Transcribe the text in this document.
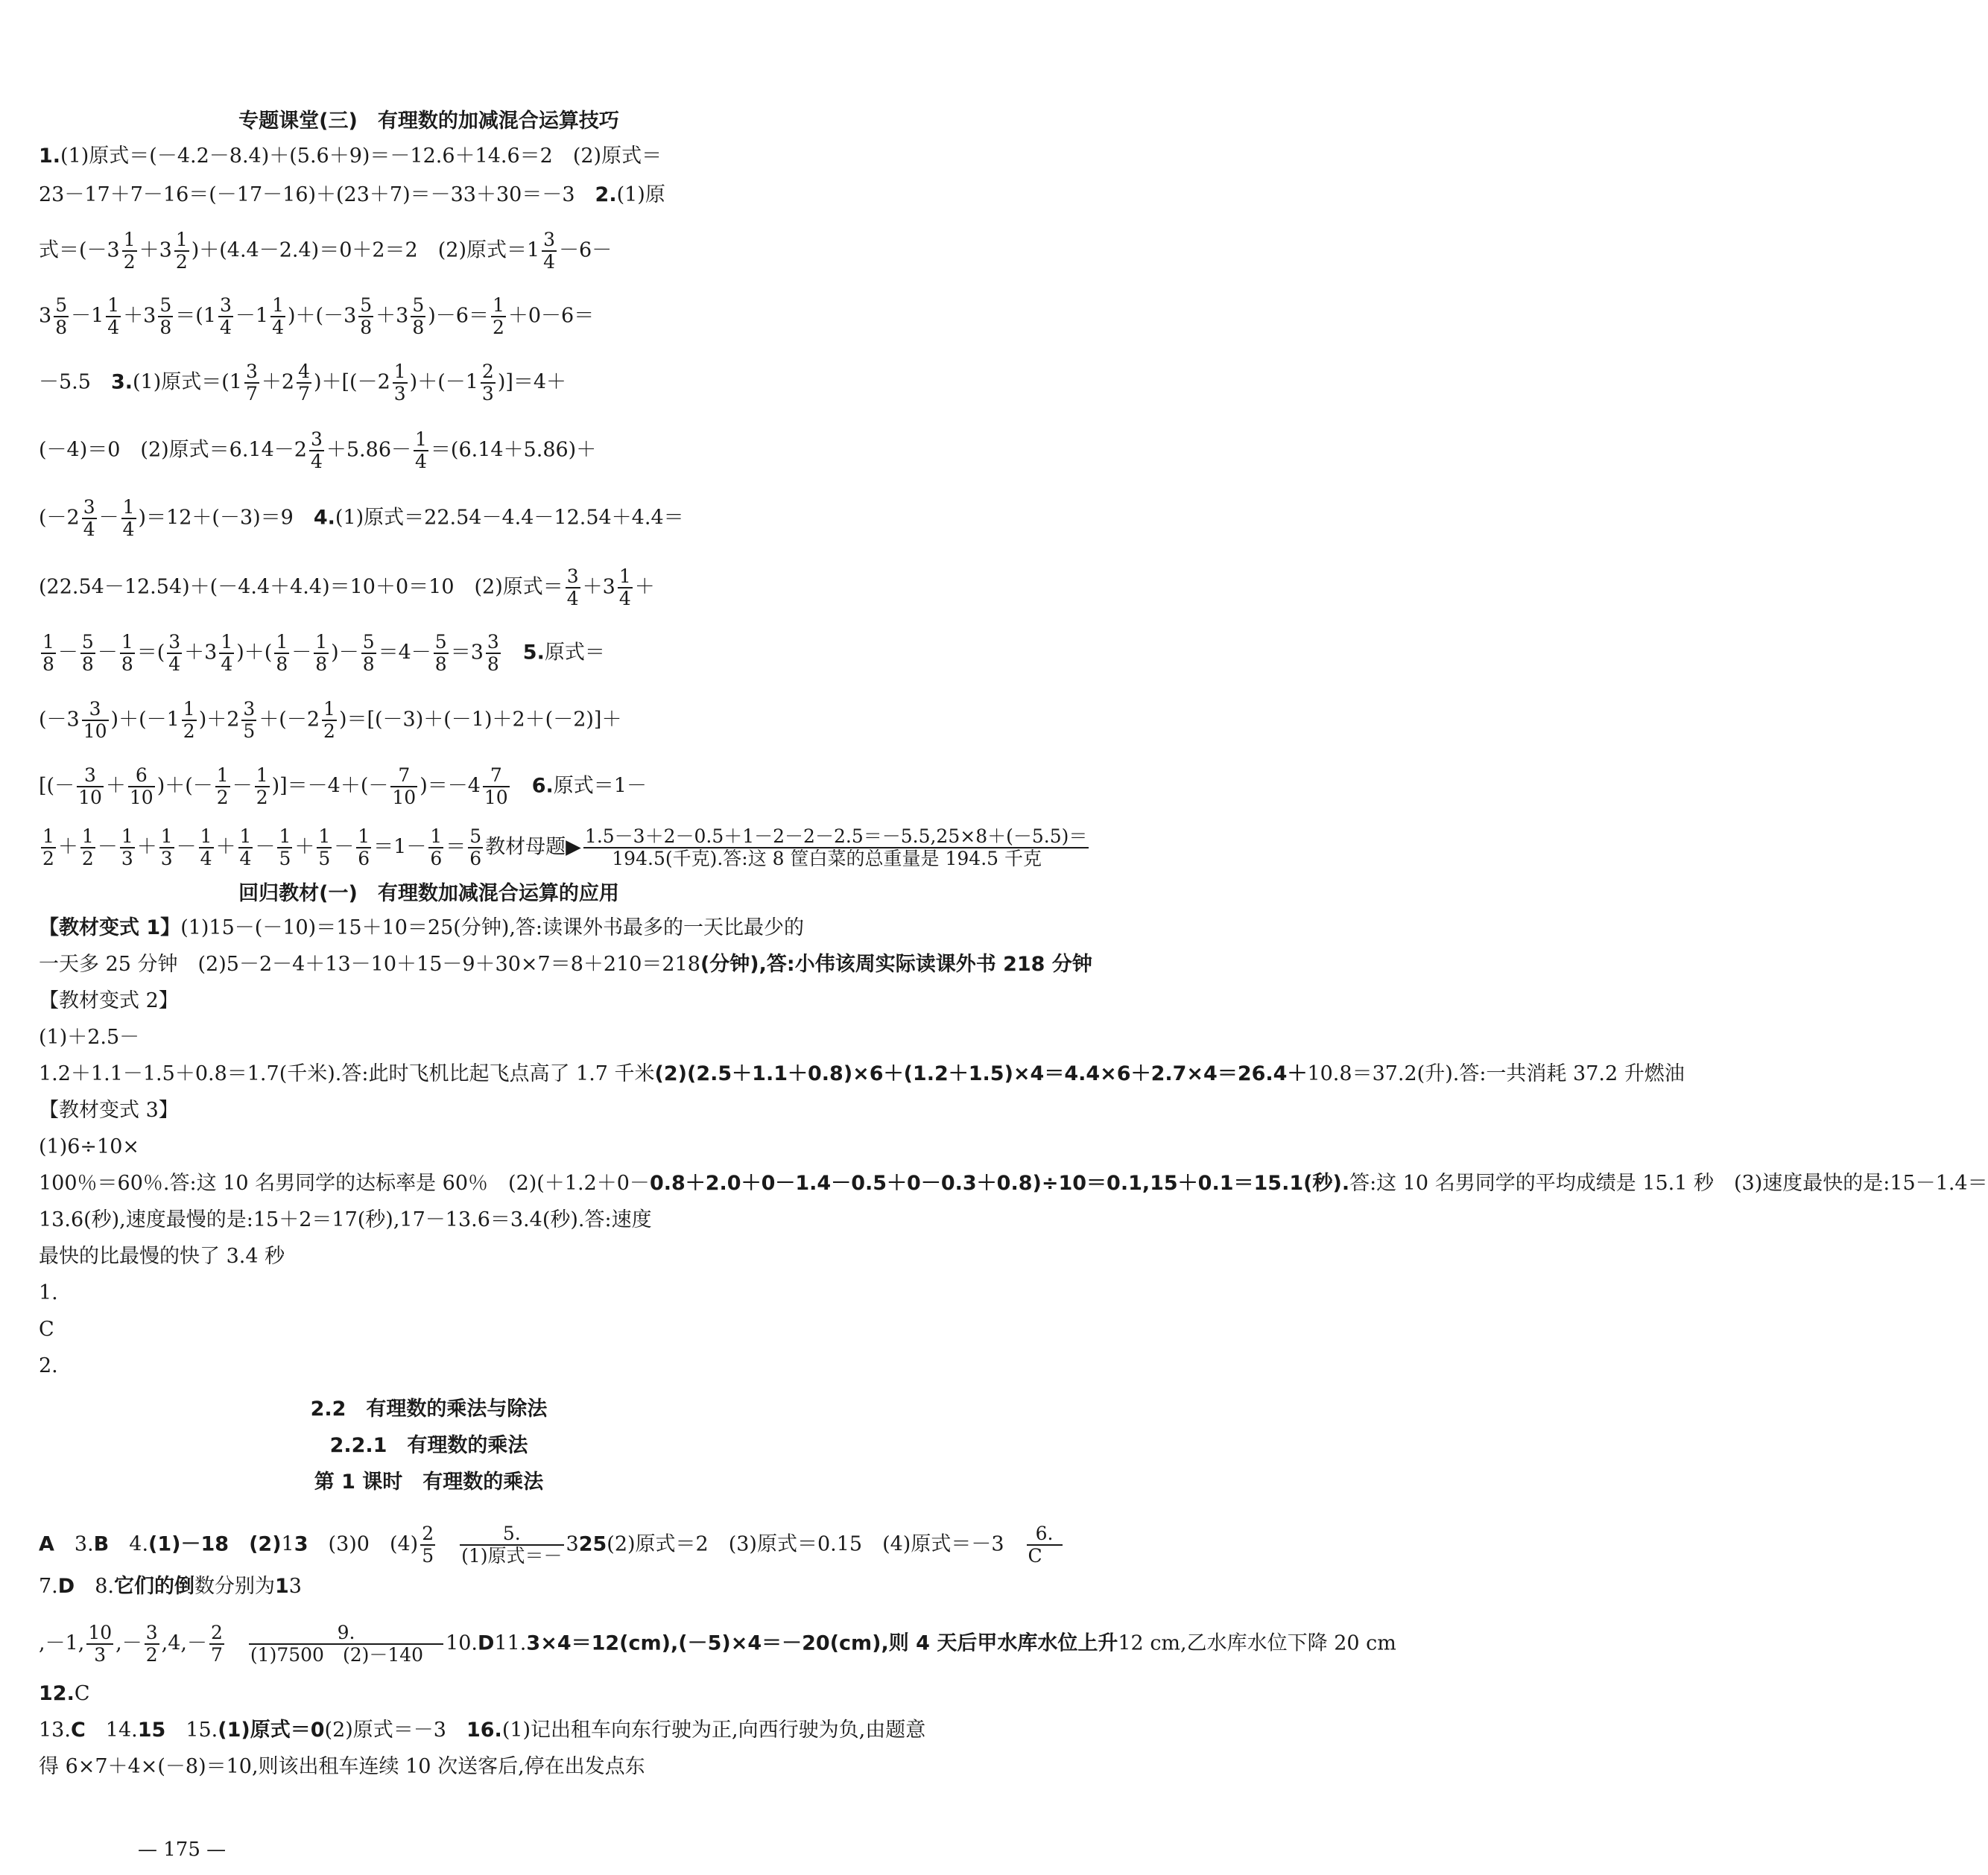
专题课堂(三)　有理数的加减混合运算技巧
1.(1)原式＝(－4.2－8.4)＋(5.6＋9)＝－12.6＋14.6＝2　(2)原式＝
23－17＋7－16＝(－17－16)＋(23＋7)＝－33＋30＝－3　2.(1)原
式$=(-3 \frac{1}{2} +3 \frac{1}{2} )+(4.4-2.4)=0+2=2$　(2)原式$=1 \frac{3}{4} -6-$
$3 \frac{5}{8} -1 \frac{1}{4} +3 \frac{5}{8} =(1 \frac{3}{4} -1 \frac{1}{4} )+(-3 \frac{5}{8} +3 \frac{5}{8} )-6= \frac{1}{2} +0-6=$
－5.5　3.(1)原式$=(1 \frac{3}{7} +2 \frac{4}{7} )+[(-2 \frac{1}{3} )+(-1 \frac{2}{3} )]=4+$
(－4)＝0　(2)原式$=6.14-2 \frac{3}{4} +5.86- \frac{1}{4} =(6.14+5.86)+$
$(-2 \frac{3}{4} - \frac{1}{4} )=12+(-3)=9$　4.(1)原式＝22.54－4.4－12.54＋4.4＝
(22.54－12.54)＋(－4.4＋4.4)＝10＋0＝10　(2)原式＝ $\frac{3}{4} +3 \frac{1}{4}$ ＋
$\frac{1}{8} - \frac{5}{8} - \frac{1}{8}$ ＝( $\frac{3}{4} +3 \frac{1}{4}$ )＋( $\frac{1}{8} - \frac{1}{8}$ )－ $\frac{5}{8} =4- \frac{5}{8} =3 \frac{3}{8}$
　 5.原式＝
$(-3 \frac{3}{10} )+(-1 \frac{1}{2} )+2 \frac{3}{5} +(-2 \frac{1}{2} )=[(-3)+(-1)+2+(-2)]+$
[(－ $\frac{3}{10} + \frac{6}{10}$ )＋(－ $\frac{1}{2} - \frac{1}{2} )]=-4+(- \frac{7}{10} )=-4 \frac{7}{10}$
　 6.原式＝1－
$\frac{1}{2} + \frac{1}{2} - \frac{1}{3} + \frac{1}{3} - \frac{1}{4} + \frac{1}{4} - \frac{1}{5} + \frac{1}{5} - \frac{1}{6} =1- \frac{1}{6} = \frac{5}{6}$ 教材母题▶ $\frac{1.5-3+2-0.5+1-2-2-2.5=-5.5,25\times 8+(-5.5)=}{\text{194.5(千克).答:这 8 筐白菜的总重量是 194.5 千克}}$　
回归教材(一)　有理数加减混合运算的应用
【教材变式 1】(1)15－(－10)＝15＋10＝25(分钟),答:读课外书最多的一天比最少的
一天多 25 分钟　(2)5－2－4＋13－10＋15－9＋30×7＝8＋210＝218(分钟),答:小伟该周实际读课外书 218 分钟　
【教材变式 2】
(1)＋2.5－
1.2＋1.1－1.5＋0.8＝1.7(千米).答:此时飞机比起飞点高了 1.7 千米(2)(2.5＋1.1＋0.8)×6＋(1.2＋1.5)×4＝4.4×6＋2.7×4＝26.4＋10.8＝37.2(升).答:一共消耗 37.2 升燃油　
【教材变式 3】
(1)6÷10×
100％＝60％.答:这 10 名男同学的达标率是 60％　(2)(＋1.2＋0－0.8＋2.0＋0－1.4－0.5＋0－0.3＋0.8)÷10＝0.1,15＋0.1＝15.1(秒).答:这 10 名男同学的平均成绩是 15.1 秒　(3)速度最快的是:15－1.4＝
13.6(秒),速度最慢的是:15＋2＝17(秒),17－13.6＝3.4(秒).答:速度
最快的比最慢的快了 3.4 秒
1.
C　
2.
2.2　有理数的乘法与除法
2.2.1　有理数的乘法
第 1 课时　有理数的乘法
A　3.B　4.(1)－18　(2)13　(3)0　$(4) \frac{2}{5}$
　 $\frac{5.}{\text{(1)原式＝－}} 325(2)$原式＝2　(3)原式＝0.15　(4)原式＝－3　 $\frac{6.}{C}$　
7.D　8.它们的倒数分别为13
,－1, $\frac{10}{3}$ ,－ $\frac{3}{2} ,4,- \frac{2}{7}$
　 $\frac{9.}{(1)7500 (2)-140}$　 10.D11.3×4＝12(cm),(－5)×4＝－20(cm),则 4 天后甲水库水位上升12 cm,乙水库水位下降 20 cm　
12.C　
13.C　14.15　15.(1)原式＝0(2)原式＝－3　16.(1)记出租车向东行驶为正,向西行驶为负,由题意
得 6×7＋4×(－8)＝10,则该出租车连续 10 次送客后,停在出发点东
— 175 —
